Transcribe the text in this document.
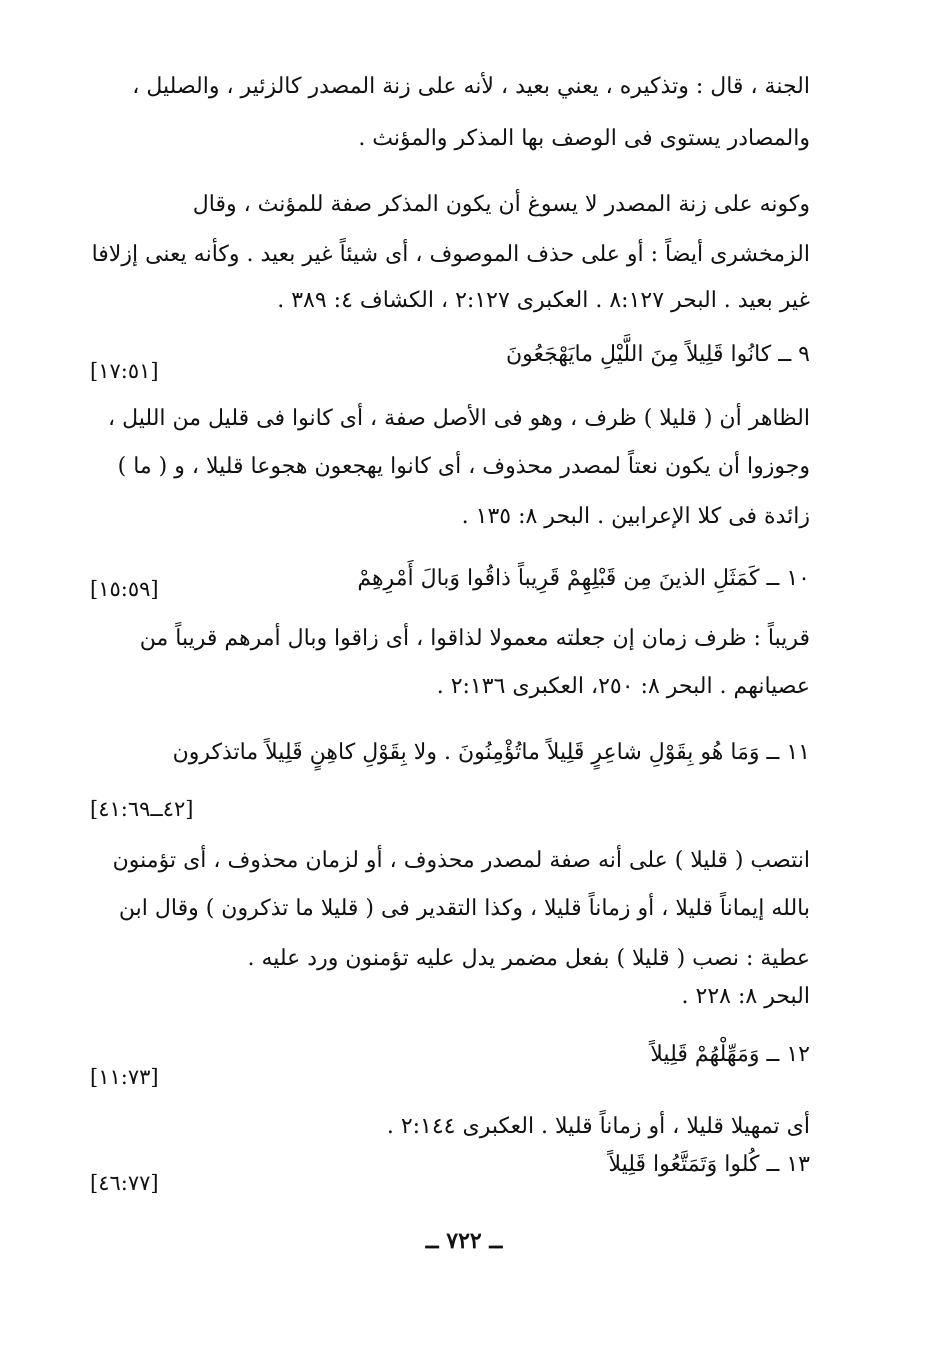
الجنة ، قال : وتذكيره ، يعني بعيد ، لأنه على زنة المصدر كالزئير ، والصليل ،
والمصادر يستوى فى الوصف بها المذكر والمؤنث .
وكونه على زنة المصدر لا يسوغ أن يكون المذكر صفة للمؤنث ، وقال
الزمخشرى أيضاً : أو على حذف الموصوف ، أى شيئاً غير بعيد . وكأنه يعنى إزلافا
غير بعيد . البحر ٨:١٢٧ . العكبرى ٢:١٢٧ ، الكشاف ٤: ٣٨٩ .
٩ ــ كانُوا قَلِيلاً مِنَ اللَّيْلِ مايَهْجَعُونَ
[١٧:٥١]
الظاهر أن ( قليلا ) ظرف ، وهو فى الأصل صفة ، أى كانوا فى قليل من الليل ،
وجوزوا أن يكون نعتاً لمصدر محذوف ، أى كانوا يهجعون هجوعا قليلا ، و ( ما )
زائدة فى كلا الإعرابين . البحر ٨: ١٣٥ .
١٠ ــ كَمَثَلِ الذينَ مِن قَبْلِهِمْ قَرِيباً ذاقُوا وَبالَ أَمْرِهِمْ
[١٥:٥٩]
قريباً : ظرف زمان إن جعلته معمولا لذاقوا ، أى زاقوا وبال أمرهم قريباً من
عصيانهم . البحر ٨: ٢٥٠، العكبرى ٢:١٣٦ .
١١ ــ وَمَا هُو بِقَوْلِ شاعِرٍ قَلِيلاً ماتُؤْمِنُونَ . ولا بِقَوْلِ كاهِنٍ قَلِيلاً ماتذكرون
[٤٢ــ٤١:٦٩]
انتصب ( قليلا ) على أنه صفة لمصدر محذوف ، أو لزمان محذوف ، أى تؤمنون
بالله إيماناً قليلا ، أو زماناً قليلا ، وكذا التقدير فى ( قليلا ما تذكرون ) وقال ابن
عطية : نصب ( قليلا ) بفعل مضمر يدل عليه تؤمنون ورد عليه .
البحر ٨: ٢٢٨ .
١٢ ــ وَمَهِّلْهُمْ قَلِيلاً
[١١:٧٣]
أى تمهيلا قليلا ، أو زماناً قليلا . العكبرى ٢:١٤٤ .
١٣ ــ كُلوا وَتَمَتَّعُوا قَلِيلاً
[٤٦:٧٧]
ــ ٧٢٢ ــ
